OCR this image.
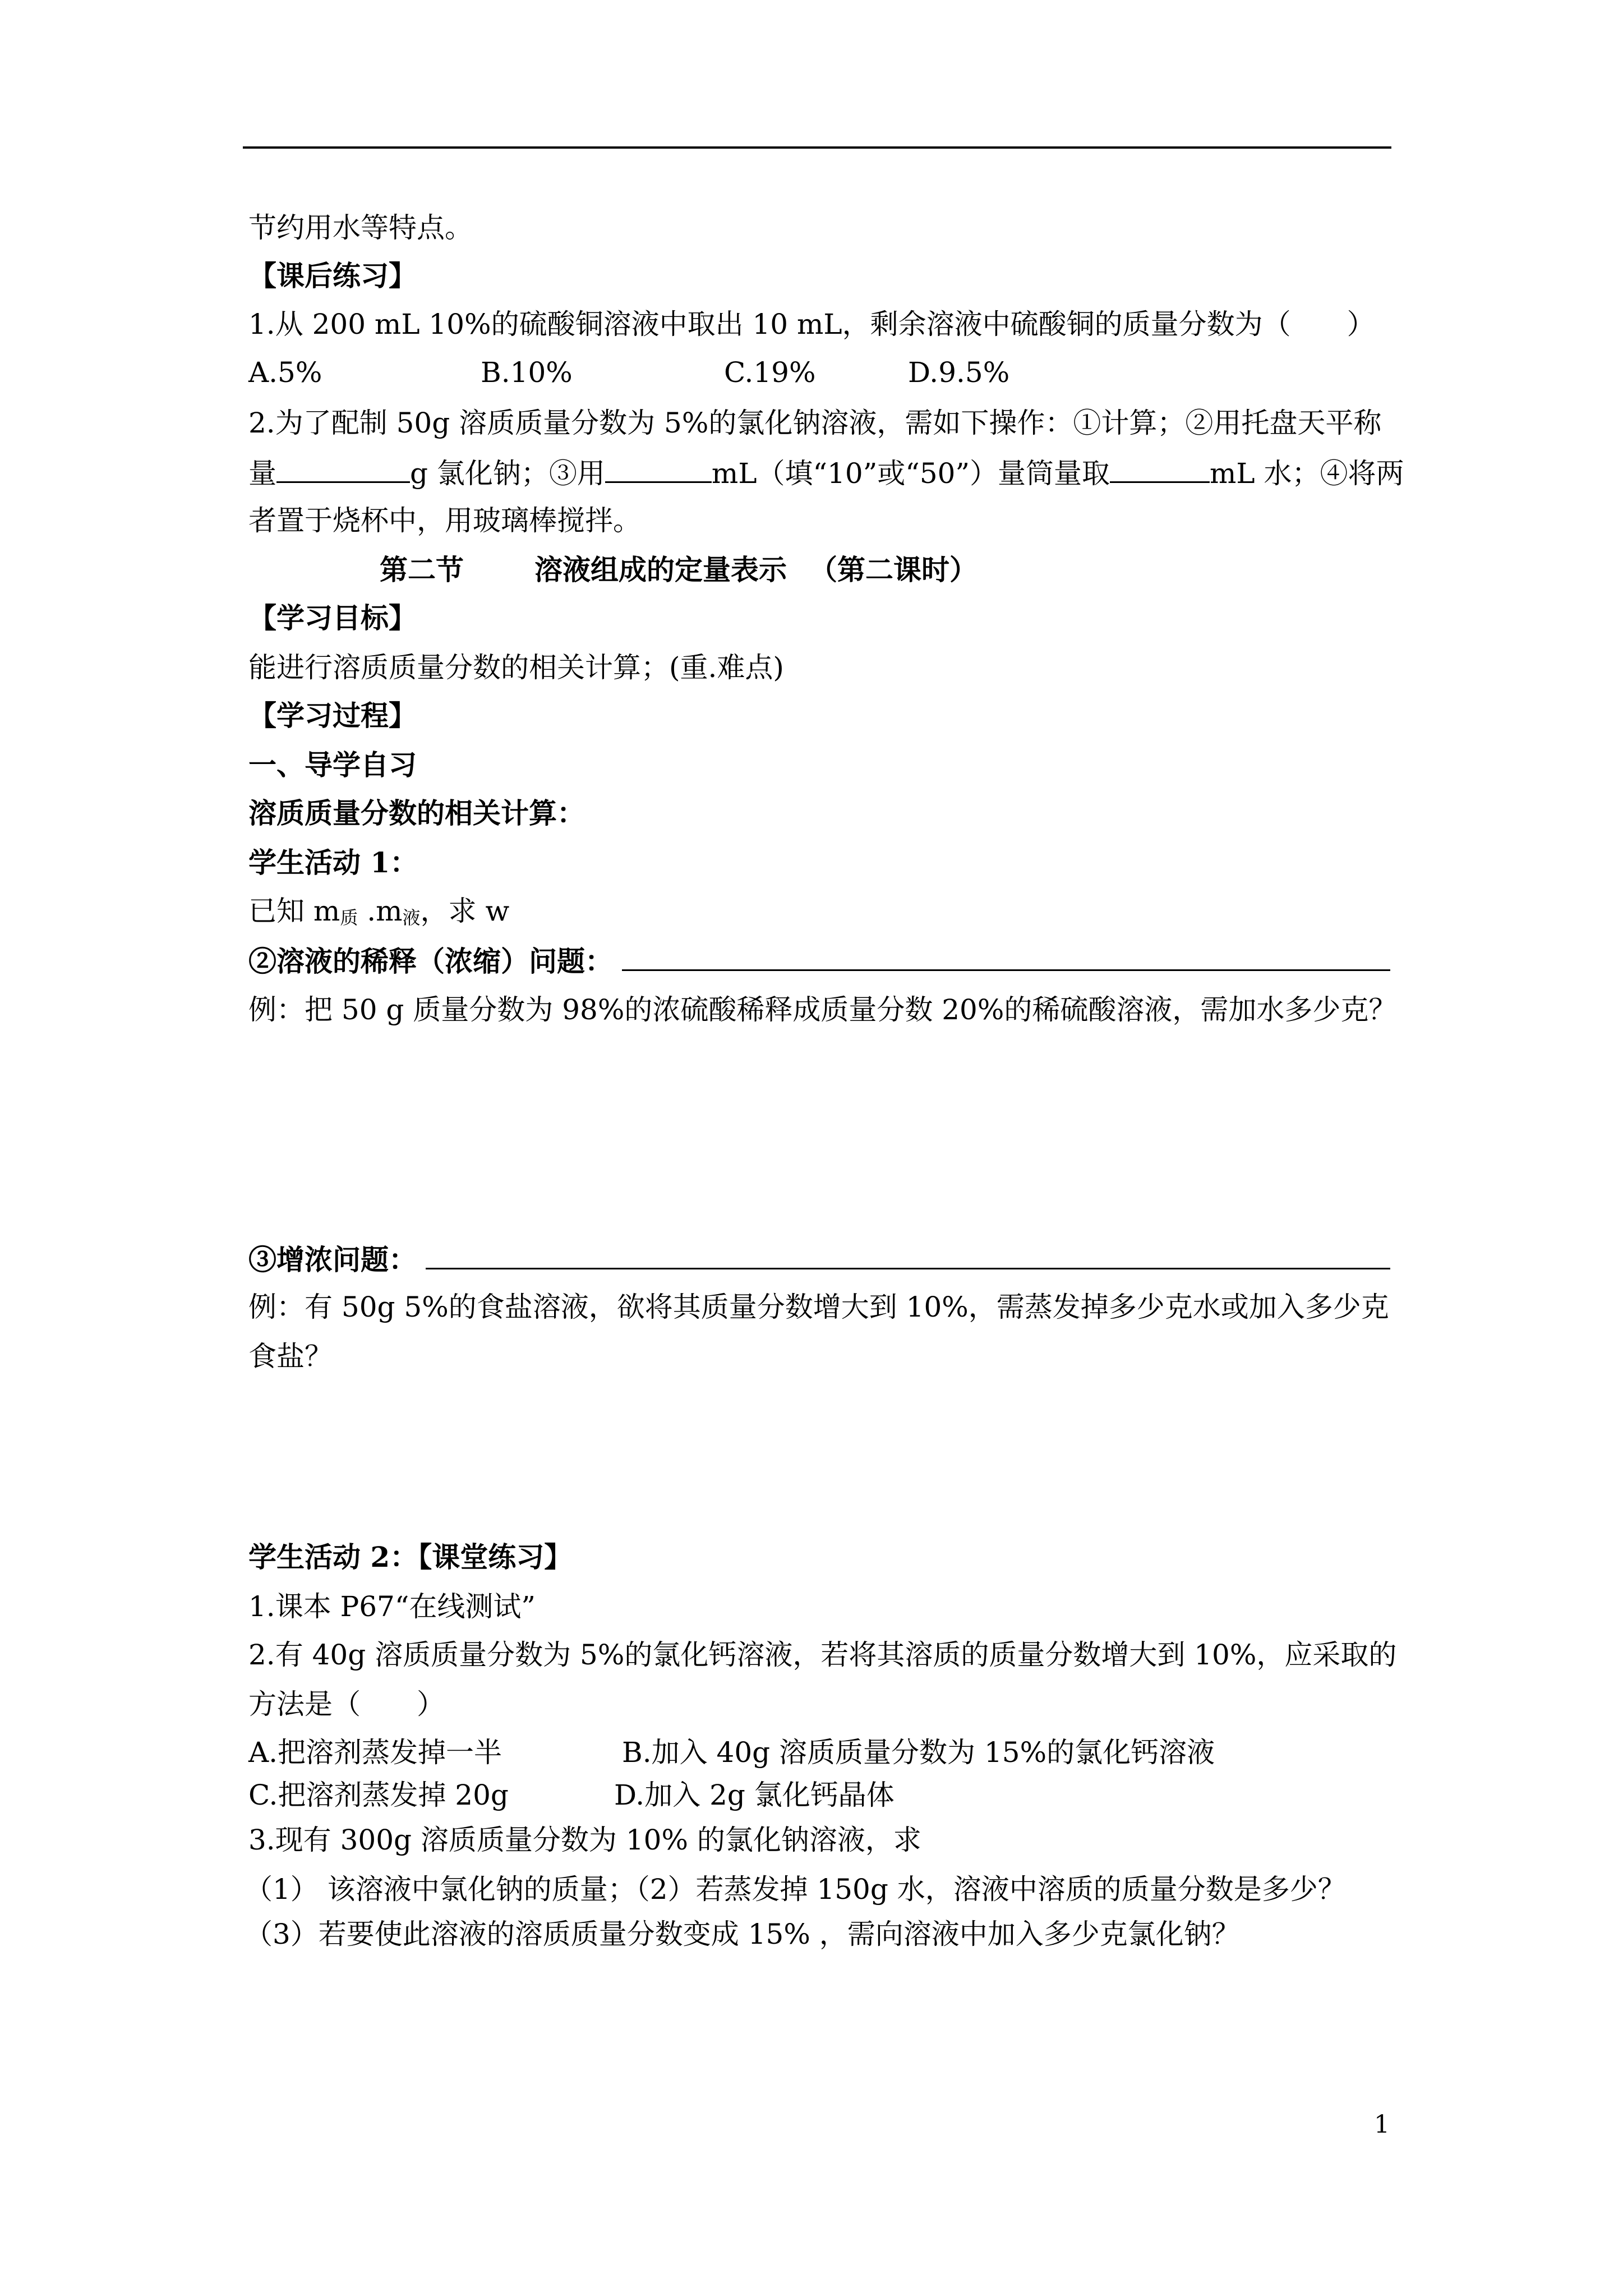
节约用水等特点。
【课后练习】
1.从 200 mL 10%的硫酸铜溶液中取出 10 mL，剩余溶液中硫酸铜的质量分数为（　　）
A.5%	B.10%	C.19%	D.9.5%
2.为了配制 50g 溶质质量分数为 5%的氯化钠溶液，需如下操作：①计算；②用托盘天平称
量	g 氯化钠；③用	mL（填“10”或“50”）量筒量取	mL 水；④将两
者置于烧杯中，用玻璃棒搅拌。
第二节	溶液组成的定量表示 （第二课时）
【学习目标】
能进行溶质质量分数的相关计算；(重.难点)
【学习过程】
一、导学自习
溶质质量分数的相关计算：
学生活动 1：
已知 m质 .m液，求 w
②溶液的稀释（浓缩）问题：
例：把 50 g 质量分数为 98%的浓硫酸稀释成质量分数 20%的稀硫酸溶液，需加水多少克？
③增浓问题：
例：有 50g 5%的食盐溶液，欲将其质量分数增大到 10%，需蒸发掉多少克水或加入多少克
食盐？
学生活动 2：【课堂练习】
1.课本 P67“在线测试”
2.有 40g 溶质质量分数为 5%的氯化钙溶液，若将其溶质的质量分数增大到 10%，应采取的
方法是（　　）
A.把溶剂蒸发掉一半	B.加入 40g 溶质质量分数为 15%的氯化钙溶液
C.把溶剂蒸发掉 20g	D.加入 2g 氯化钙晶体
3.现有 300g 溶质质量分数为 10% 的氯化钠溶液，求
（1） 该溶液中氯化钠的质量；（2）若蒸发掉 150g 水，溶液中溶质的质量分数是多少？
（3）若要使此溶液的溶质质量分数变成 15% ，需向溶液中加入多少克氯化钠？
1
